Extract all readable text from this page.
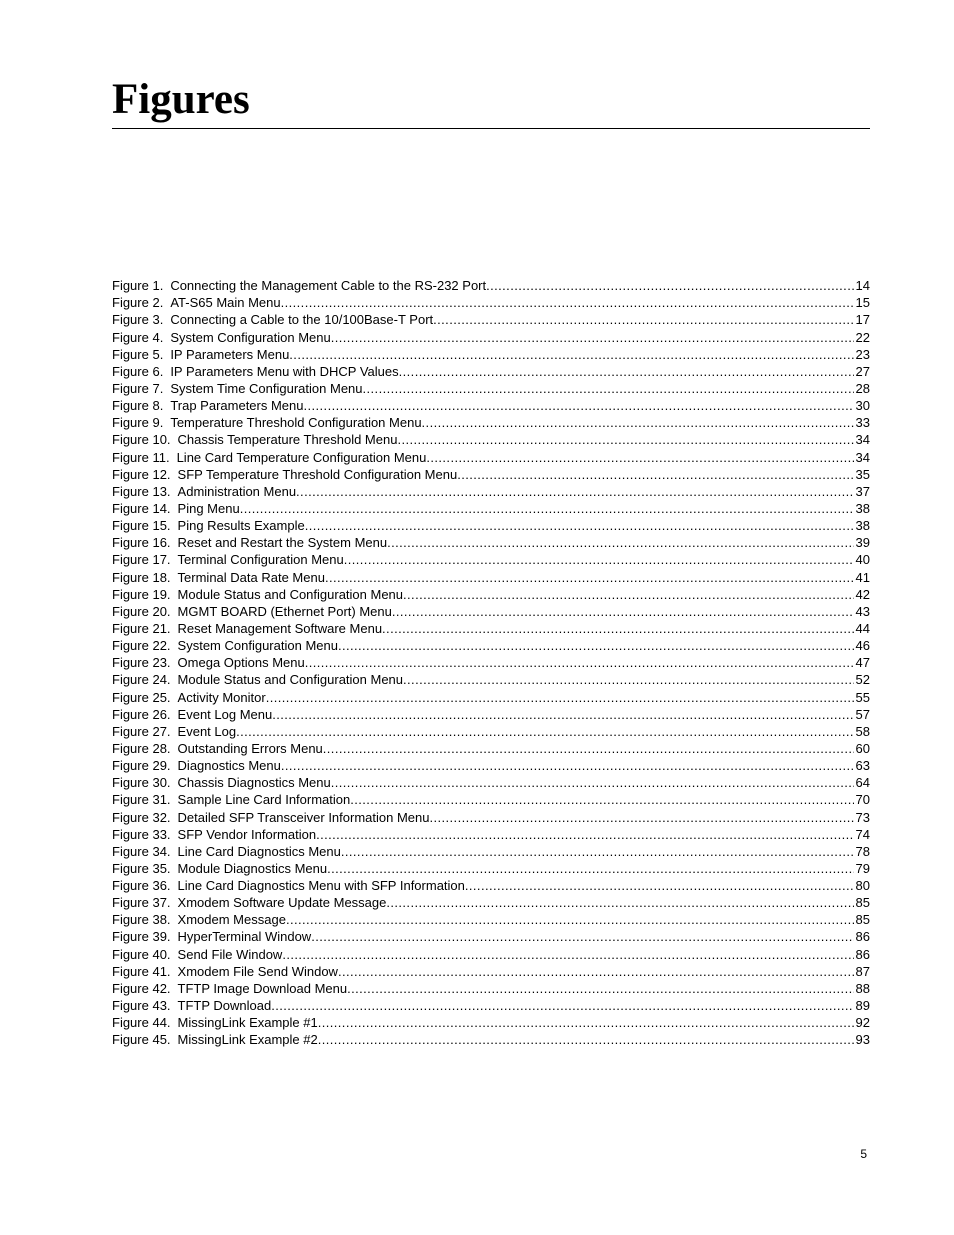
Figures
Figure 1. Connecting the Management Cable to the RS-232 Port .....	14
Figure 2. AT-S65 Main Menu .....	15
Figure 3. Connecting a Cable to the 10/100Base-T Port .....	17
Figure 4. System Configuration Menu .....	22
Figure 5. IP Parameters Menu .....	23
Figure 6. IP Parameters Menu with DHCP Values .....	27
Figure 7. System Time Configuration Menu .....	28
Figure 8. Trap Parameters Menu .....	30
Figure 9. Temperature Threshold Configuration Menu .....	33
Figure 10. Chassis Temperature Threshold Menu .....	34
Figure 11. Line Card Temperature Configuration Menu .....	34
Figure 12. SFP Temperature Threshold Configuration Menu .....	35
Figure 13. Administration Menu .....	37
Figure 14. Ping Menu .....	38
Figure 15. Ping Results Example .....	38
Figure 16. Reset and Restart the System Menu .....	39
Figure 17. Terminal Configuration Menu .....	40
Figure 18. Terminal Data Rate Menu .....	41
Figure 19. Module Status and Configuration Menu .....	42
Figure 20. MGMT BOARD (Ethernet Port) Menu .....	43
Figure 21. Reset Management Software Menu .....	44
Figure 22. System Configuration Menu .....	46
Figure 23. Omega Options Menu .....	47
Figure 24. Module Status and Configuration Menu .....	52
Figure 25. Activity Monitor .....	55
Figure 26. Event Log Menu .....	57
Figure 27. Event Log .....	58
Figure 28. Outstanding Errors Menu .....	60
Figure 29. Diagnostics Menu .....	63
Figure 30. Chassis Diagnostics Menu .....	64
Figure 31. Sample Line Card Information .....	70
Figure 32. Detailed SFP Transceiver Information Menu .....	73
Figure 33. SFP Vendor Information .....	74
Figure 34. Line Card Diagnostics Menu .....	78
Figure 35. Module Diagnostics Menu .....	79
Figure 36. Line Card Diagnostics Menu with SFP Information .....	80
Figure 37. Xmodem Software Update Message .....	85
Figure 38. Xmodem Message .....	85
Figure 39. HyperTerminal Window .....	86
Figure 40. Send File Window .....	86
Figure 41. Xmodem File Send Window .....	87
Figure 42. TFTP Image Download Menu .....	88
Figure 43. TFTP Download .....	89
Figure 44. MissingLink Example #1 .....	92
Figure 45. MissingLink Example #2 .....	93
5
